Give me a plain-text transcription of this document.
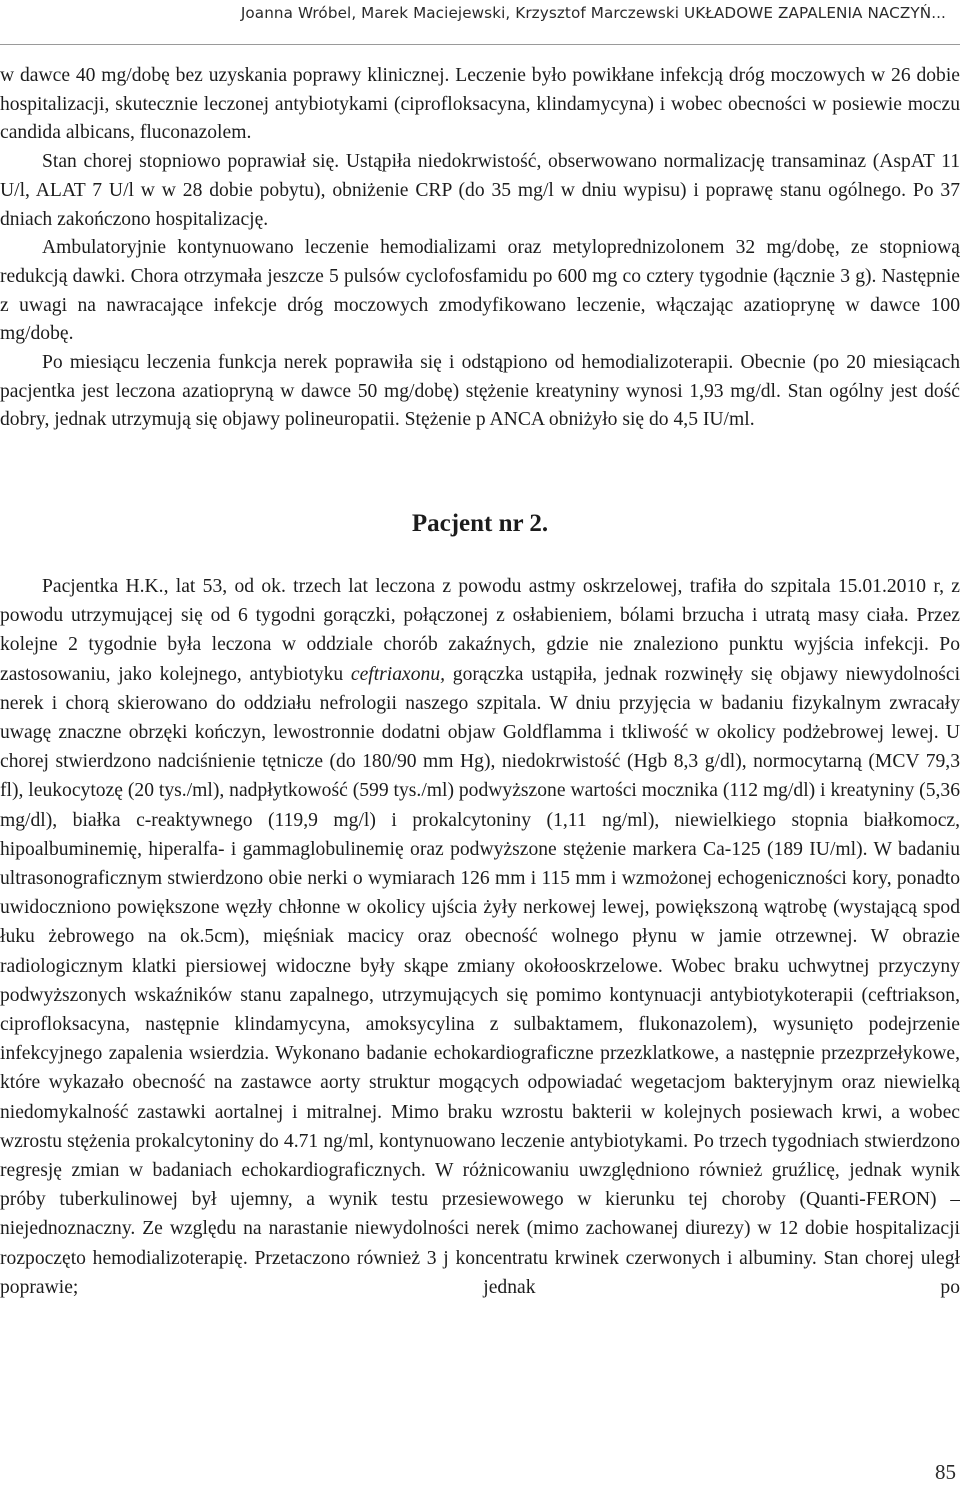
Joanna Wróbel, Marek Maciejewski, Krzysztof Marczewski UKŁADOWE ZAPALENIA NACZYŃ...

w dawce 40 mg/dobę bez uzyskania poprawy klinicznej. Leczenie było powikłane infekcją dróg moczowych w 26 dobie hospitalizacji, skutecznie leczonej antybiotykami (ciprofloksacyna, klindamycyna) i wobec obecności w posiewie moczu candida albicans, fluconazolem.

Stan chorej stopniowo poprawiał się. Ustąpiła niedokrwistość, obserwowano normalizację transaminaz (AspAT 11 U/l, ALAT 7 U/l w w 28 dobie pobytu), obniżenie CRP (do 35 mg/l w dniu wypisu) i poprawę stanu ogólnego. Po 37 dniach zakończono hospitalizację.

Ambulatoryjnie kontynuowano leczenie hemodializami oraz metyloprednizolonem 32 mg/dobę, ze stopniową redukcją dawki. Chora otrzymała jeszcze 5 pulsów cyclofosfamidu po 600 mg co cztery tygodnie (łącznie 3 g). Następnie z uwagi na nawracające infekcje dróg moczowych zmodyfikowano leczenie, włączając azatioprynę w dawce 100 mg/dobę.

Po miesiącu leczenia funkcja nerek poprawiła się i odstąpiono od hemodializoterapii. Obecnie (po 20 miesiącach pacjentka jest leczona azatiopryną w dawce 50 mg/dobę) stężenie kreatyniny wynosi 1,93 mg/dl. Stan ogólny jest dość dobry, jednak utrzymują się objawy polineuropatii. Stężenie p ANCA obniżyło się do 4,5 IU/ml.

Pacjent nr 2.

Pacjentka H.K., lat 53, od ok. trzech lat leczona z powodu astmy oskrzelowej, trafiła do szpitala 15.01.2010 r, z powodu utrzymującej się od 6 tygodni gorączki, połączonej z osłabieniem, bólami brzucha i utratą masy ciała. Przez kolejne 2 tygodnie była leczona w oddziale chorób zakaźnych, gdzie nie znaleziono punktu wyjścia infekcji. Po zastosowaniu, jako kolejnego, antybiotyku ceftriaxonu, gorączka ustąpiła, jednak rozwinęły się objawy niewydolności nerek i chorą skierowano do oddziału nefrologii naszego szpitala. W dniu przyjęcia w badaniu fizykalnym zwracały uwagę znaczne obrzęki kończyn, lewostronnie dodatni objaw Goldflamma i tkliwość w okolicy podżebrowej lewej. U chorej stwierdzono nadciśnienie tętnicze (do 180/90 mm Hg), niedokrwistość (Hgb 8,3 g/dl), normocytarną (MCV 79,3 fl), leukocytozę (20 tys./ml), nadpłytkowość (599 tys./ml) podwyższone wartości mocznika (112 mg/dl) i kreatyniny (5,36 mg/dl), białka c-reaktywnego (119,9 mg/l) i prokalcytoniny (1,11 ng/ml), niewielkiego stopnia białkomocz, hipoalbuminemię, hiperalfa- i gammaglobulinemię oraz podwyższone stężenie markera Ca-125 (189 IU/ml). W badaniu ultrasonograficznym stwierdzono obie nerki o wymiarach 126 mm i 115 mm i wzmożonej echogeniczności kory, ponadto uwidoczniono powiększone węzły chłonne w okolicy ujścia żyły nerkowej lewej, powiększoną wątrobę (wystającą spod łuku żebrowego na ok.5cm), mięśniak macicy oraz obecność wolnego płynu w jamie otrzewnej. W obrazie radiologicznym klatki piersiowej widoczne były skąpe zmiany okołooskrzelowe. Wobec braku uchwytnej przyczyny podwyższonych wskaźników stanu zapalnego, utrzymujących się pomimo kontynuacji antybiotykoterapii (ceftriakson, ciprofloksacyna, następnie klindamycyna, amoksycylina z sulbaktamem, flukonazolem), wysunięto podejrzenie infekcyjnego zapalenia wsierdzia. Wykonano badanie echokardiograficzne przezklatkowe, a następnie przezprzełykowe, które wykazało obecność na zastawce aorty struktur mogących odpowiadać wegetacjom bakteryjnym oraz niewielką niedomykalność zastawki aortalnej i mitralnej. Mimo braku wzrostu bakterii w kolejnych posiewach krwi, a wobec wzrostu stężenia prokalcytoniny do 4.71 ng/ml, kontynuowano leczenie antybiotykami. Po trzech tygodniach stwierdzono regresję zmian w badaniach echokardiograficznych. W różnicowaniu uwzględniono również gruźlicę, jednak wynik próby tuberkulinowej był ujemny, a wynik testu przesiewowego w kierunku tej choroby (Quanti-FERON) – niejednoznaczny. Ze względu na narastanie niewydolności nerek (mimo zachowanej diurezy) w 12 dobie hospitalizacji rozpoczęto hemodializoterapię. Przetaczono również 3 j koncentratu krwinek czerwonych i albuminy. Stan chorej uległ poprawie; jednak po

85
